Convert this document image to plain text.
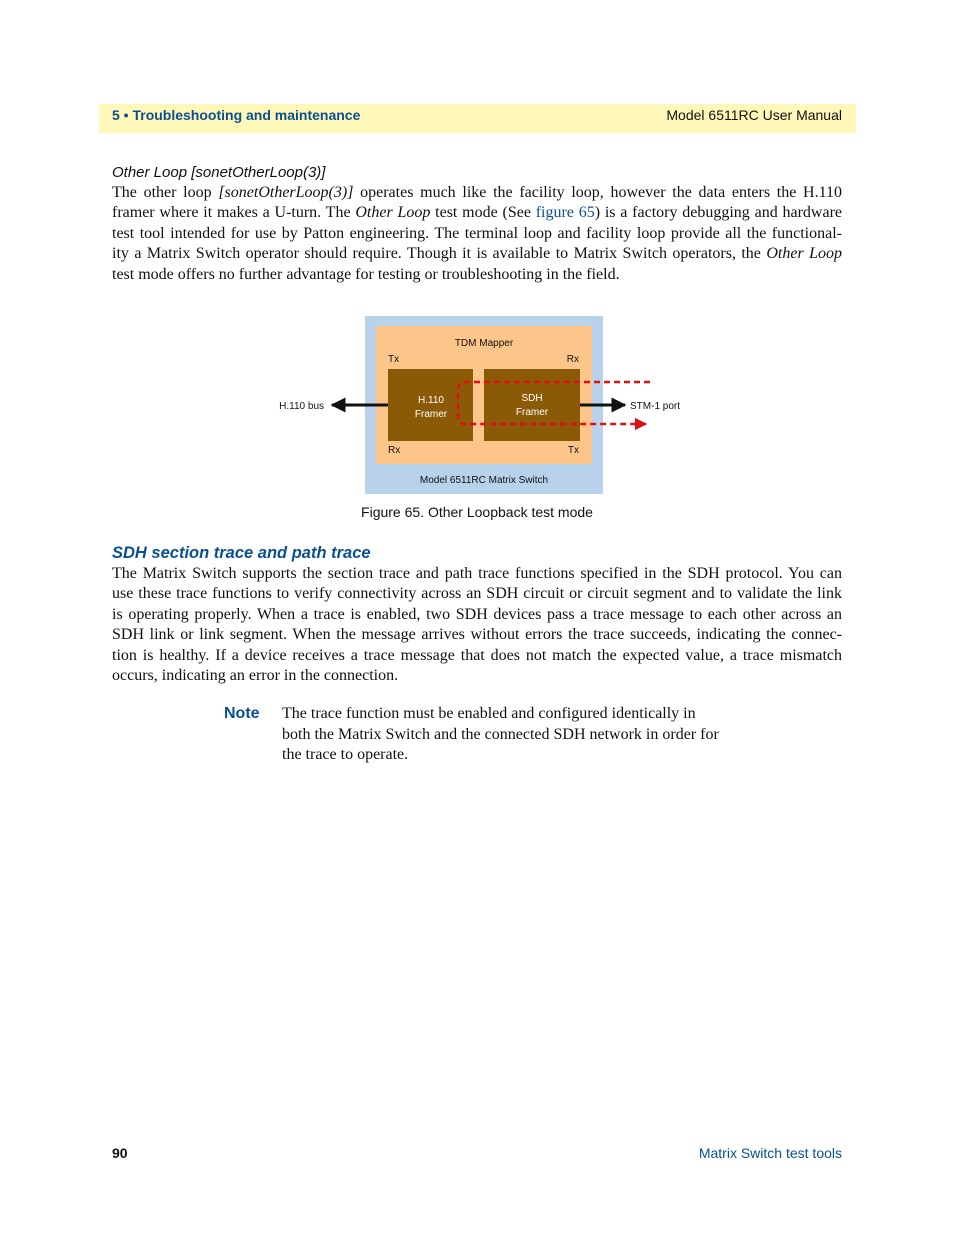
5 • Troubleshooting and maintenance	Model 6511RC User Manual
Other Loop [sonetOtherLoop(3)]
The other loop [sonetOtherLoop(3)] operates much like the facility loop, however the data enters the H.110
framer where it makes a U-turn. The Other Loop test mode (See figure 65) is a factory debugging and hardware
test tool intended for use by Patton engineering. The terminal loop and facility loop provide all the functional-
ity a Matrix Switch operator should require. Though it is available to Matrix Switch operators, the Other Loop
test mode offers no further advantage for testing or troubleshooting in the field.
TDM Mapper
Tx	Rx
Rx	Tx
H.110
Framer
SDH
Framer
H.110 bus	STM-1 port
Model 6511RC Matrix Switch
Figure 65. Other Loopback test mode
SDH section trace and path trace
The Matrix Switch supports the section trace and path trace functions specified in the SDH protocol. You can
use these trace functions to verify connectivity across an SDH circuit or circuit segment and to validate the link
is operating properly. When a trace is enabled, two SDH devices pass a trace message to each other across an
SDH link or link segment. When the message arrives without errors the trace succeeds, indicating the connec-
tion is healthy. If a device receives a trace message that does not match the expected value, a trace mismatch
occurs, indicating an error in the connection.
Note The trace function must be enabled and configured identically in
both the Matrix Switch and the connected SDH network in order for
the trace to operate.
90	Matrix Switch test tools
